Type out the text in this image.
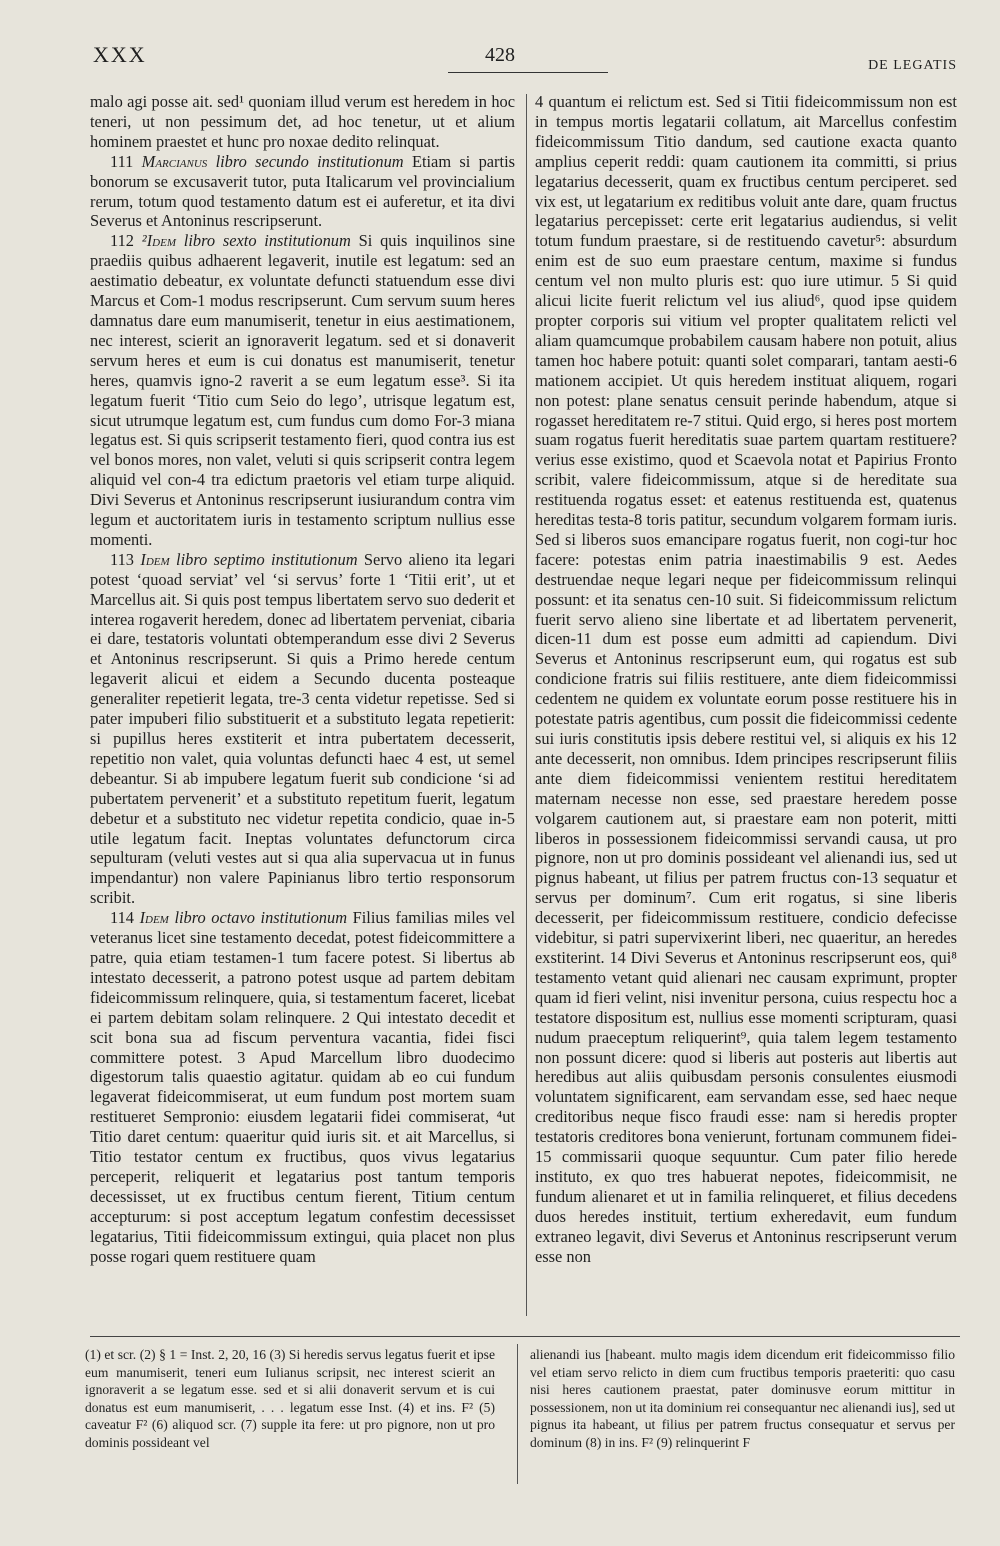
XXX	428	DE LEGATIS

malo agi posse ait. sed¹ quoniam illud verum est heredem in hoc teneri, ut non pessimum det, ad hoc tenetur, ut et alium hominem praestet et hunc pro noxae dedito relinquat.

111 Marcianus libro secundo institutionum Etiam si partis bonorum se excusaverit tutor, puta Italicarum vel provincialium rerum, totum quod testamento datum est ei auferetur, et ita divi Severus et Antoninus rescripserunt.

112 ²Idem libro sexto institutionum Si quis inquilinos sine praediis quibus adhaerent legaverit, inutile est legatum: sed an aestimatio debeatur, ex voluntate defuncti statuendum esse divi Marcus et Com-1 modus rescripserunt. Cum servum suum heres damnatus dare eum manumiserit, tenetur in eius aestimationem, nec interest, scierit an ignoraverit legatum. sed et si donaverit servum heres et eum is cui donatus est manumiserit, tenetur heres, quamvis igno-2 raverit a se eum legatum esse³. Si ita legatum fuerit ‘Titio cum Seio do lego’, utrisque legatum est, sicut utrumque legatum est, cum fundus cum domo For-3 miana legatus est. Si quis scripserit testamento fieri, quod contra ius est vel bonos mores, non valet, veluti si quis scripserit contra legem aliquid vel con-4 tra edictum praetoris vel etiam turpe aliquid. Divi Severus et Antoninus rescripserunt iusiurandum contra vim legum et auctoritatem iuris in testamento scriptum nullius esse momenti.

113 Idem libro septimo institutionum Servo alieno ita legari potest ‘quoad serviat’ vel ‘si servus’ forte 1 ‘Titii erit’, ut et Marcellus ait. Si quis post tempus libertatem servo suo dederit et interea rogaverit heredem, donec ad libertatem perveniat, cibaria ei dare, testatoris voluntati obtemperandum esse divi 2 Severus et Antoninus rescripserunt. Si quis a Primo herede centum legaverit alicui et eidem a Secundo ducenta posteaque generaliter repetierit legata, tre-3 centa videtur repetisse. Sed si pater impuberi filio substituerit et a substituto legata repetierit: si pupillus heres exstiterit et intra pubertatem decesserit, repetitio non valet, quia voluntas defuncti haec 4 est, ut semel debeantur. Si ab impubere legatum fuerit sub condicione ‘si ad pubertatem pervenerit’ et a substituto repetitum fuerit, legatum debetur et a substituto nec videtur repetita condicio, quae in-5 utile legatum facit. Ineptas voluntates defunctorum circa sepulturam (veluti vestes aut si qua alia supervacua ut in funus impendantur) non valere Papinianus libro tertio responsorum scribit.

114 Idem libro octavo institutionum Filius familias miles vel veteranus licet sine testamento decedat, potest fideicommittere a patre, quia etiam testamen-1 tum facere potest. Si libertus ab intestato decesserit, a patrono potest usque ad partem debitam fideicommissum relinquere, quia, si testamentum faceret, licebat ei partem debitam solam relinquere. 2 Qui intestato decedit et scit bona sua ad fiscum perventura vacantia, fidei fisci committere potest. 3 Apud Marcellum libro duodecimo digestorum talis quaestio agitatur. quidam ab eo cui fundum legaverat fideicommiserat, ut eum fundum post mortem suam restitueret Sempronio: eiusdem legatarii fidei commiserat, ⁴ut Titio daret centum: quaeritur quid iuris sit. et ait Marcellus, si Titio testator centum ex fructibus, quos vivus legatarius perceperit, reliquerit et legatarius post tantum temporis decessisset, ut ex fructibus centum fierent, Titium centum accepturum: si post acceptum legatum confestim decessisset legatarius, Titii fideicommissum extingui, quia placet non plus posse rogari quem restituere quam

4 quantum ei relictum est. Sed si Titii fideicommissum non est in tempus mortis legatarii collatum, ait Marcellus confestim fideicommissum Titio dandum, sed cautione exacta quanto amplius ceperit reddi: quam cautionem ita committi, si prius legatarius decesserit, quam ex fructibus centum perciperet. sed vix est, ut legatarium ex reditibus voluit ante dare, quam fructus legatarius percepisset: certe erit legatarius audiendus, si velit totum fundum praestare, si de restituendo cavetur⁵: absurdum enim est de suo eum praestare centum, maxime si fundus centum vel non multo pluris est: quo iure utimur. 5 Si quid alicui licite fuerit relictum vel ius aliud⁶, quod ipse quidem propter corporis sui vitium vel propter qualitatem relicti vel aliam quamcumque probabilem causam habere non potuit, alius tamen hoc habere potuit: quanti solet comparari, tantam aesti-6 mationem accipiet. Ut quis heredem instituat aliquem, rogari non potest: plane senatus censuit perinde habendum, atque si rogasset hereditatem re-7 stitui. Quid ergo, si heres post mortem suam rogatus fuerit hereditatis suae partem quartam restituere? verius esse existimo, quod et Scaevola notat et Papirius Fronto scribit, valere fideicommissum, atque si de hereditate sua restituenda rogatus esset: et eatenus restituenda est, quatenus hereditas testa-8 toris patitur, secundum volgarem formam iuris. Sed si liberos suos emancipare rogatus fuerit, non cogi-tur hoc facere: potestas enim patria inaestimabilis 9 est. Aedes destruendae neque legari neque per fideicommissum relinqui possunt: et ita senatus cen-10 suit. Si fideicommissum relictum fuerit servo alieno sine libertate et ad libertatem pervenerit, dicen-11 dum est posse eum admitti ad capiendum. Divi Severus et Antoninus rescripserunt eum, qui rogatus est sub condicione fratris sui filiis restituere, ante diem fideicommissi cedentem ne quidem ex voluntate eorum posse restituere his in potestate patris agentibus, cum possit die fideicommissi cedente sui iuris constitutis ipsis debere restitui vel, si aliquis ex his 12 ante decesserit, non omnibus. Idem principes rescripserunt filiis ante diem fideicommissi venientem restitui hereditatem maternam necesse non esse, sed praestare heredem posse volgarem cautionem aut, si praestare eam non poterit, mitti liberos in possessionem fideicommissi servandi causa, ut pro pignore, non ut pro dominis possideant vel alienandi ius, sed ut pignus habeant, ut filius per patrem fructus con-13 sequatur et servus per dominum⁷. Cum erit rogatus, si sine liberis decesserit, per fideicommissum restituere, condicio defecisse videbitur, si patri supervixerint liberi, nec quaeritur, an heredes exstiterint. 14 Divi Severus et Antoninus rescripserunt eos, qui⁸ testamento vetant quid alienari nec causam exprimunt, propter quam id fieri velint, nisi invenitur persona, cuius respectu hoc a testatore dispositum est, nullius esse momenti scripturam, quasi nudum praeceptum reliquerint⁹, quia talem legem testamento non possunt dicere: quod si liberis aut posteris aut libertis aut heredibus aut aliis quibusdam personis consulentes eiusmodi voluntatem significarent, eam servandam esse, sed haec neque creditoribus neque fisco fraudi esse: nam si heredis propter testatoris creditores bona venierunt, fortunam communem fidei-15 commissarii quoque sequuntur. Cum pater filio herede instituto, ex quo tres habuerat nepotes, fideicommisit, ne fundum alienaret et ut in familia relinqueret, et filius decedens duos heredes instituit, tertium exheredavit, eum fundum extraneo legavit, divi Severus et Antoninus rescripserunt verum esse non

(1) et scr. (2) § 1 = Inst. 2, 20, 16 (3) Si heredis servus legatus fuerit et ipse eum manumiserit, teneri eum Iulianus scripsit, nec interest scierit an ignoraverit a se legatum esse. sed et si alii donaverit servum et is cui donatus est eum manumiserit, . . . legatum esse Inst. (4) et ins. F² (5) caveatur F² (6) aliquod scr. (7) supple ita fere: ut pro pignore, non ut pro dominis possideant vel
alienandi ius [habeant. multo magis idem dicendum erit fideicommisso filio vel etiam servo relicto in diem cum fructibus temporis praeteriti: quo casu nisi heres cautionem praestat, pater dominusve eorum mittitur in possessionem, non ut ita dominium rei consequantur nec alienandi ius], sed ut pignus ita habeant, ut filius per patrem fructus consequatur et servus per dominum (8) in ins. F² (9) relinquerint F
